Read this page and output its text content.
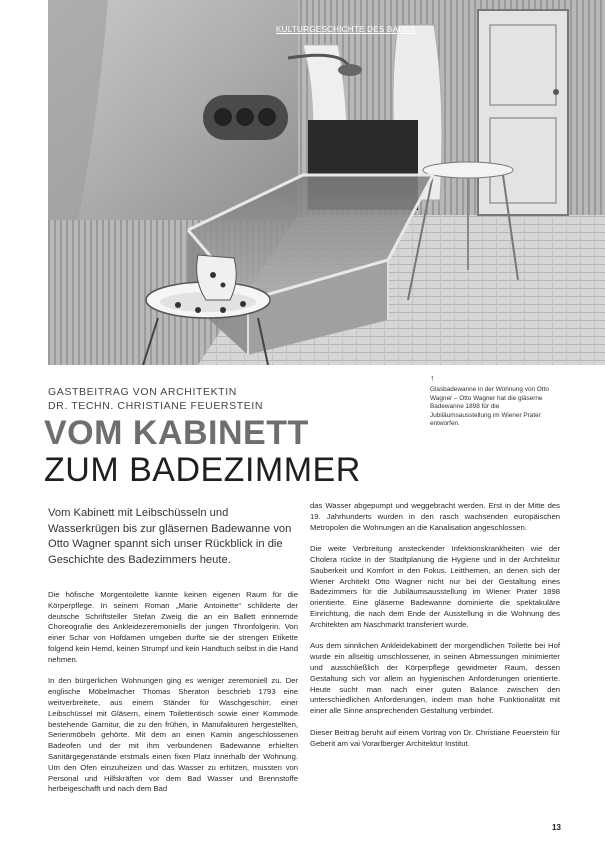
KULTURGESCHICHTE DES BADES
↑
Glasbadewanne in der Wohnung von Otto Wagner – Otto Wagner hat die gläserne Badewanne 1898 für die Jubiläumsausstellung im Wiener Prater entworfen.
GASTBEITRAG VON ARCHITEKTIN
DR. TECHN. CHRISTIANE FEUERSTEIN
VOM KABINETT
ZUM BADEZIMMER
Vom Kabinett mit Leibschüsseln und Wasserkrügen bis zur gläsernen Badewanne von Otto Wagner spannt sich unser Rückblick in die Geschichte des Badezimmers heute.

Die höfische Morgentoilette kannte keinen eigenen Raum für die Körperpflege. In seinem Roman „Marie Antoinette“ schilderte der deutsche Schriftsteller Stefan Zweig die an ein Ballett erinnernde Choreografie des Ankleidezeremoniells der jungen Thronfolgerin. Von einer Schar von Hofdamen umgeben durfte sie der strengen Etikette folgend kein Hemd, keinen Strumpf und kein Handtuch selbst in die Hand nehmen.

In den bürgerlichen Wohnungen ging es weniger zeremoniell zu. Der englische Möbelmacher Thomas Sheraton beschrieb 1793 eine weitverbreitete, aus einem Ständer für Waschgeschirr, einer Leibschüssel mit Gläsern, einem Toilettentisch sowie einer Kommode bestehende Garnitur, die zu den frühen, in Manufakturen hergestellten, Serienmöbeln gehörte. Mit dem an einen Kamin angeschlossenen Badeofen und der mit ihm verbundenen Badewanne erhielten Sanitärgegenstände erstmals einen fixen Platz innerhalb der Wohnung. Um den Ofen einzuheizen und das Wasser zu erhitzen, mussten von Personal und Hilfskräften vor dem Bad Wasser und Brennstoffe herbeigeschafft und nach dem Bad

das Wasser abgepumpt und weggebracht werden. Erst in der Mitte des 19. Jahrhunderts wurden in den rasch wachsenden europäischen Metropolen die Wohnungen an die Kanalisation angeschlossen.

Die weite Verbreitung ansteckender Infektionskrankheiten wie der Cholera rückte in der Stadtplanung die Hygiene und in der Architektur Sauberkeit und Komfort in den Fokus. Leitthemen, an denen sich der Wiener Architekt Otto Wagner nicht nur bei der Gestaltung eines Badezimmers für die Jubiläumsausstellung im Wiener Prater 1898 orientierte. Eine gläserne Badewanne dominierte die spektakuläre Einrichtung, die nach dem Ende der Ausstellung in die Wohnung des Architekten am Naschmarkt transferiert wurde.

Aus dem sinnlichen Ankleidekabinett der morgendlichen Toilette bei Hof wurde ein allseitig umschlossener, in seinen Abmessungen minimierter und ausschließlich der Körperpflege gewidmeter Raum, dessen Gestaltung sich vor allem an hygienischen Anforderungen orientierte. Heute sucht man nach einer guten Balance zwischen den unterschiedlichen Anforderungen, indem man hohe Funktionalität mit einer alle Sinne ansprechenden Gestaltung verbindet.

Dieser Beitrag beruht auf einem Vortrag von Dr. Christiane Feuerstein für Geberit am vai Vorarlberger Architektur Institut.

13
